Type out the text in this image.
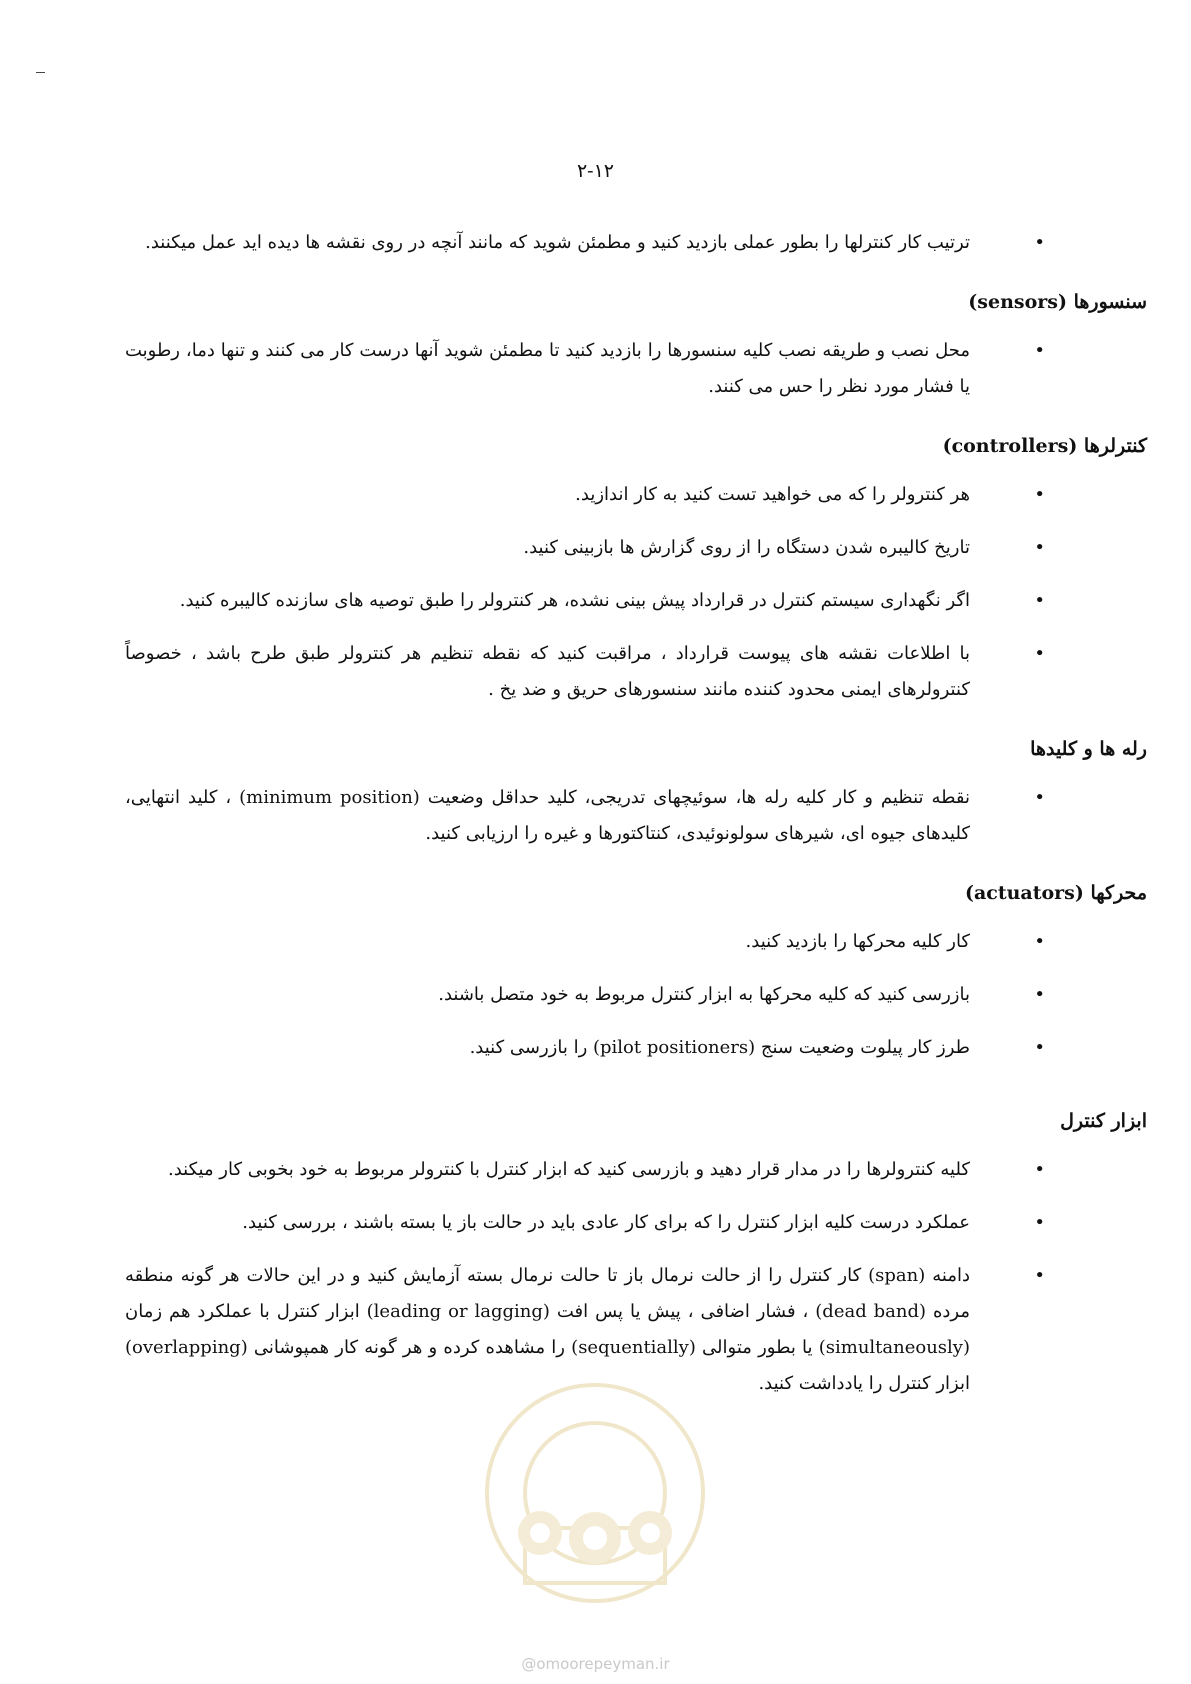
۲-۱۲
•
ترتیب کار کنترلها را بطور عملی بازدید کنید و مطمئن شوید که مانند آنچه در روی نقشه ها دیده اید عمل میکنند.
سنسورها (sensors)
•
محل نصب و طریقه نصب کلیه سنسورها را بازدید کنید تا مطمئن شوید آنها درست کار می کنند و تنها دما، رطوبت یا فشار مورد نظر را حس می کنند.
کنترلرها (controllers)
•
هر کنترولر را که می خواهید تست کنید به کار اندازید.
•
تاریخ کالیبره شدن دستگاه را از روی گزارش ها بازبینی کنید.
•
اگر نگهداری سیستم کنترل در قرارداد پیش بینی نشده، هر کنترولر را طبق توصیه های سازنده کالیبره کنید.
•
با اطلاعات نقشه های پیوست قرارداد ، مراقبت کنید که نقطه تنظیم هر کنترولر طبق طرح باشد ، خصوصاً کنترولرهای ایمنی محدود کننده مانند سنسورهای حریق و ضد یخ .
رله ها و کلیدها
•
نقطه تنظیم و کار کلیه رله ها، سوئیچهای تدریجی، کلید حداقل وضعیت (minimum position) ، کلید انتهایی، کلیدهای جیوه ای، شیرهای سولونوئیدی، کنتاکتورها و غیره را ارزیابی کنید.
محرکها (actuators)
•
کار کلیه محرکها را بازدید کنید.
•
بازرسی کنید که کلیه محرکها به ابزار کنترل مربوط به خود متصل باشند.
•
طرز کار پیلوت وضعیت سنج (pilot positioners) را بازرسی کنید.
ابزار کنترل
•
کلیه کنترولرها را در مدار قرار دهید و بازرسی کنید که ابزار کنترل با کنترولر مربوط به خود بخوبی کار میکند.
•
عملکرد درست کلیه ابزار کنترل را که برای کار عادی باید در حالت باز یا بسته باشند ، بررسی کنید.
•
دامنه (span) کار کنترل را از حالت نرمال باز تا حالت نرمال بسته آزمایش کنید و در این حالات هر گونه منطقه مرده (dead band) ، فشار اضافی ، پیش یا پس افت (leading or lagging) ابزار کنترل با عملکرد هم زمان (simultaneously) یا بطور متوالی (sequentially) را مشاهده کرده و هر گونه کار همپوشانی (overlapping) ابزار کنترل را یادداشت کنید.
@omoorepeyman.ir
